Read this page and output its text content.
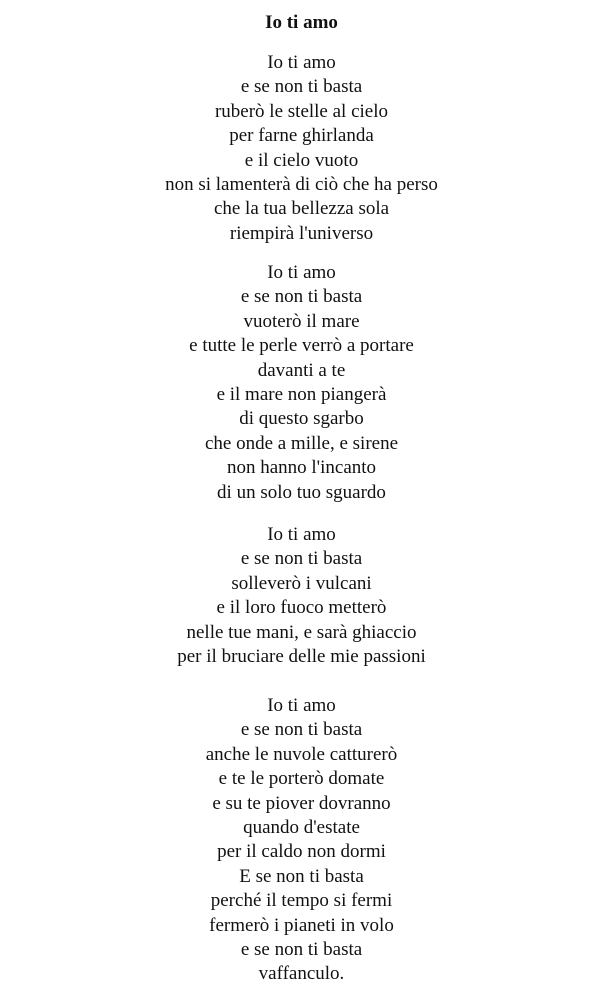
Io ti amo
Io ti amo
e se non ti basta
ruberò le stelle al cielo
per farne ghirlanda
e il cielo vuoto
non si lamenterà di ciò che ha perso
che la tua bellezza sola
riempirà l'universo
Io ti amo
e se non ti basta
vuoterò il mare
e tutte le perle verrò a portare
davanti a te
e il mare non piangerà
di questo sgarbo
che onde a mille, e sirene
non hanno l'incanto
di un solo tuo sguardo
Io ti amo
e se non ti basta
solleverò i vulcani
e il loro fuoco metterò
nelle tue mani, e sarà ghiaccio
per il bruciare delle mie passioni
Io ti amo
e se non ti basta
anche le nuvole catturerò
e te le porterò domate
e su te piover dovranno
quando d'estate
per il caldo non dormi
E se non ti basta
perché il tempo si fermi
fermerò i pianeti in volo
e se non ti basta
vaffanculo.
